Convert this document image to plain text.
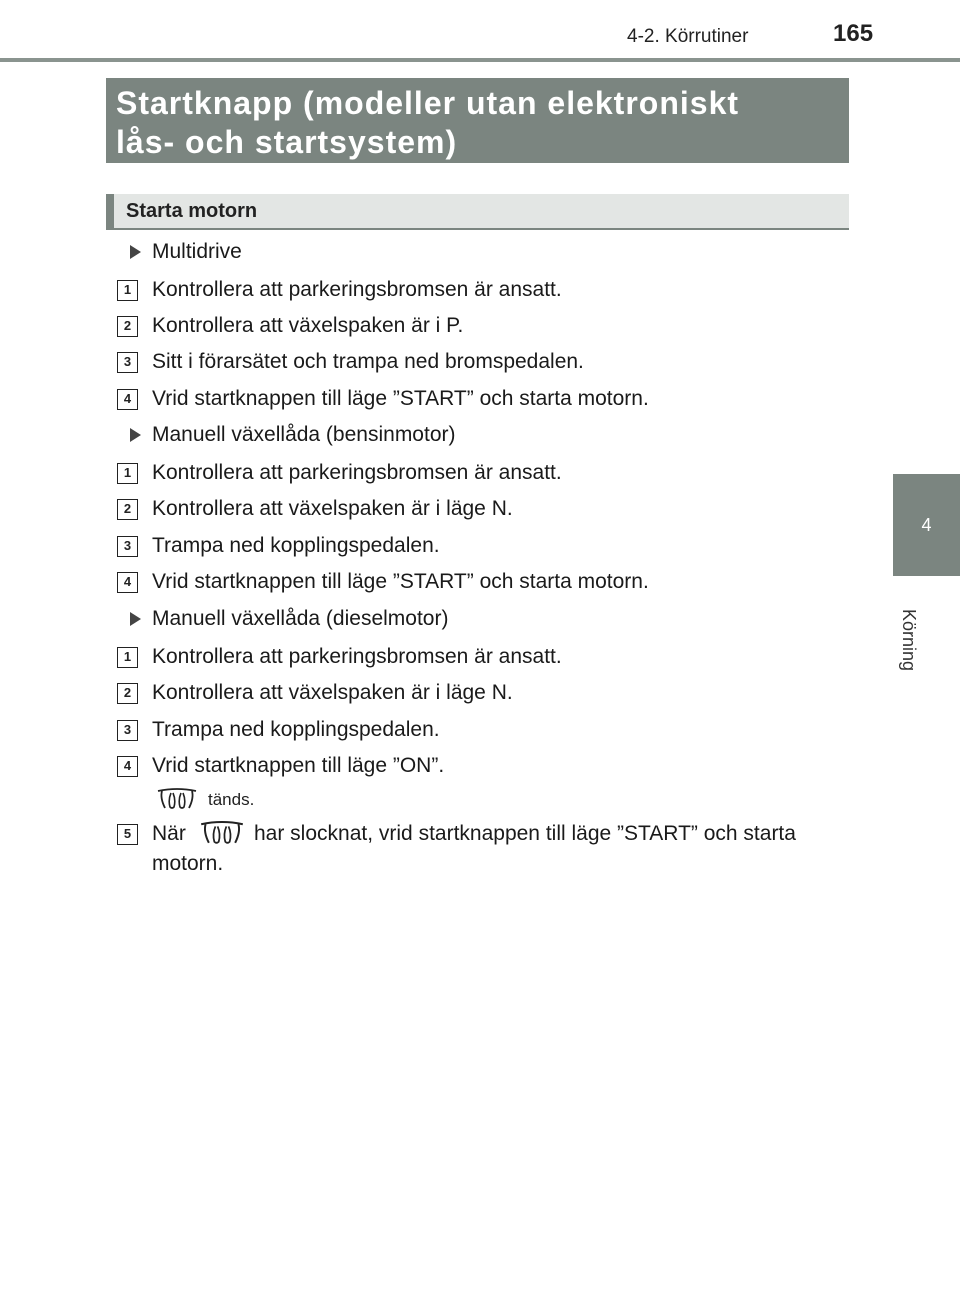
4-2. Körrutiner	165
4
Körning
Startknapp (modeller utan elektroniskt
lås- och startsystem)
Starta motorn
Multidrive
1 Kontrollera att parkeringsbromsen är ansatt.
2 Kontrollera att växelspaken är i P.
3 Sitt i förarsätet och trampa ned bromspedalen.
4 Vrid startknappen till läge ”START” och starta motorn.
Manuell växellåda (bensinmotor)
1 Kontrollera att parkeringsbromsen är ansatt.
2 Kontrollera att växelspaken är i läge N.
3 Trampa ned kopplingspedalen.
4 Vrid startknappen till läge ”START” och starta motorn.
Manuell växellåda (dieselmotor)
1 Kontrollera att parkeringsbromsen är ansatt.
2 Kontrollera att växelspaken är i läge N.
3 Trampa ned kopplingspedalen.
4 Vrid startknappen till läge ”ON”.
tänds.
5 När	har slocknat, vrid startknappen till läge ”START” och starta
motorn.
